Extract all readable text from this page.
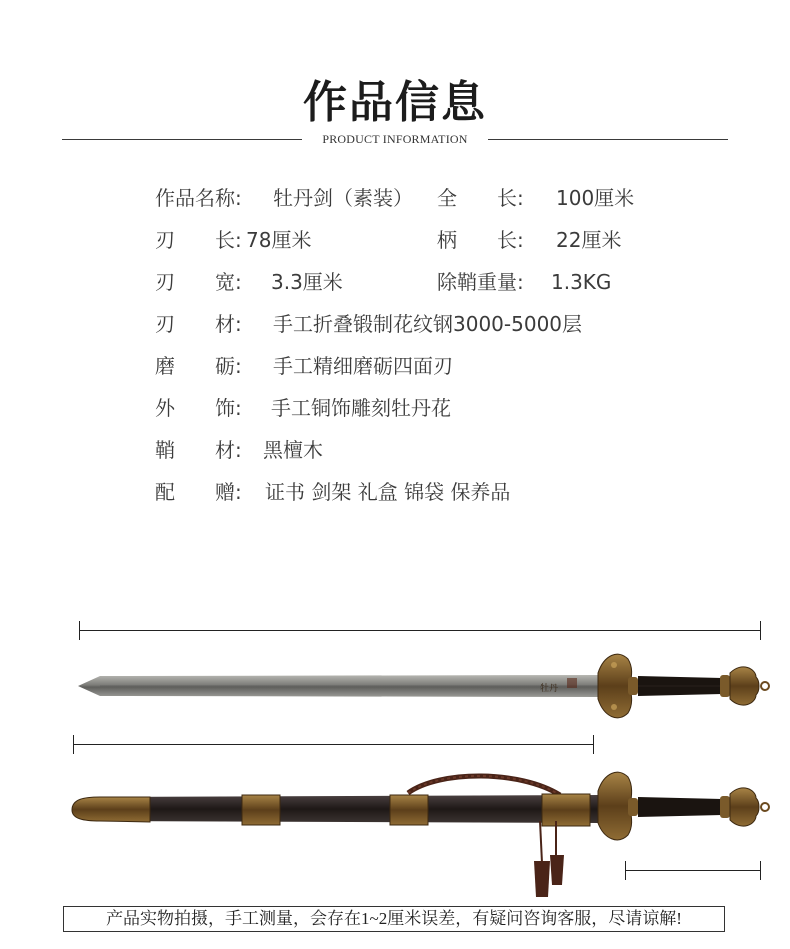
作品信息
PRODUCT INFORMATION
作品名称: 牡丹剑（素装） 全　　长: 100厘米
刃　　长: 78厘米	柄　　长: 22厘米
刃　　宽: 3.3厘米	除鞘重量: 1.3KG
刃　　材: 手工折叠锻制花纹钢3000-5000层
磨　　砺: 手工精细磨砺四面刃
外　　饰: 手工铜饰雕刻牡丹花
鞘　　材: 黑檀木
配　　赠: 证书 剑架 礼盒 锦袋 保养品
牡丹
产品实物拍摄，手工测量，会存在1~2厘米误差，有疑问咨询客服，尽请谅解!
